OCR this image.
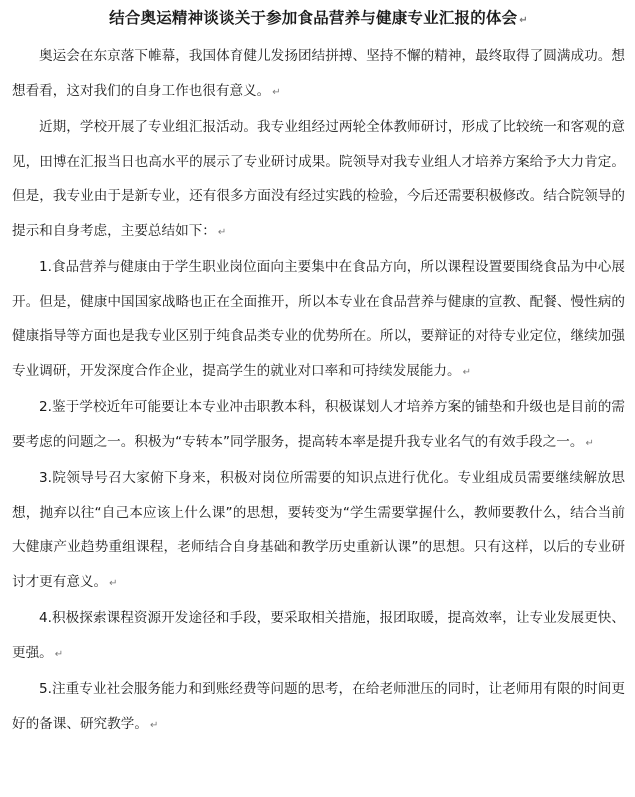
结合奥运精神谈谈关于参加食品营养与健康专业汇报的体会 ↵

奥运会在东京落下帷幕，我国体育健儿发扬团结拼搏、坚持不懈的精神，最终取得了圆满成功。想想看看，这对我们的自身工作也很有意义。 ↵

近期，学校开展了专业组汇报活动。我专业组经过两轮全体教师研讨，形成了比较统一和客观的意见，田博在汇报当日也高水平的展示了专业研讨成果。院领导对我专业组人才培养方案给予大力肯定。但是，我专业由于是新专业，还有很多方面没有经过实践的检验，今后还需要积极修改。结合院领导的提示和自身考虑，主要总结如下： ↵

1.食品营养与健康由于学生职业岗位面向主要集中在食品方向，所以课程设置要围绕食品为中心展开。但是，健康中国国家战略也正在全面推开，所以本专业在食品营养与健康的宣教、配餐、慢性病的健康指导等方面也是我专业区别于纯食品类专业的优势所在。所以，要辩证的对待专业定位，继续加强专业调研，开发深度合作企业，提高学生的就业对口率和可持续发展能力。 ↵

2.鉴于学校近年可能要让本专业冲击职教本科，积极谋划人才培养方案的铺垫和升级也是目前的需要考虑的问题之一。积极为“专转本”同学服务，提高转本率是提升我专业名气的有效手段之一。 ↵

3.院领导号召大家俯下身来，积极对岗位所需要的知识点进行优化。专业组成员需要继续解放思想，抛弃以往“自己本应该上什么课”的思想，要转变为“学生需要掌握什么，教师要教什么，结合当前大健康产业趋势重组课程，老师结合自身基础和教学历史重新认课”的思想。只有这样，以后的专业研讨才更有意义。 ↵

4.积极探索课程资源开发途径和手段，要采取相关措施，报团取暖，提高效率，让专业发展更快、更强。 ↵

5.注重专业社会服务能力和到账经费等问题的思考，在给老师泄压的同时，让老师用有限的时间更好的备课、研究教学。 ↵
